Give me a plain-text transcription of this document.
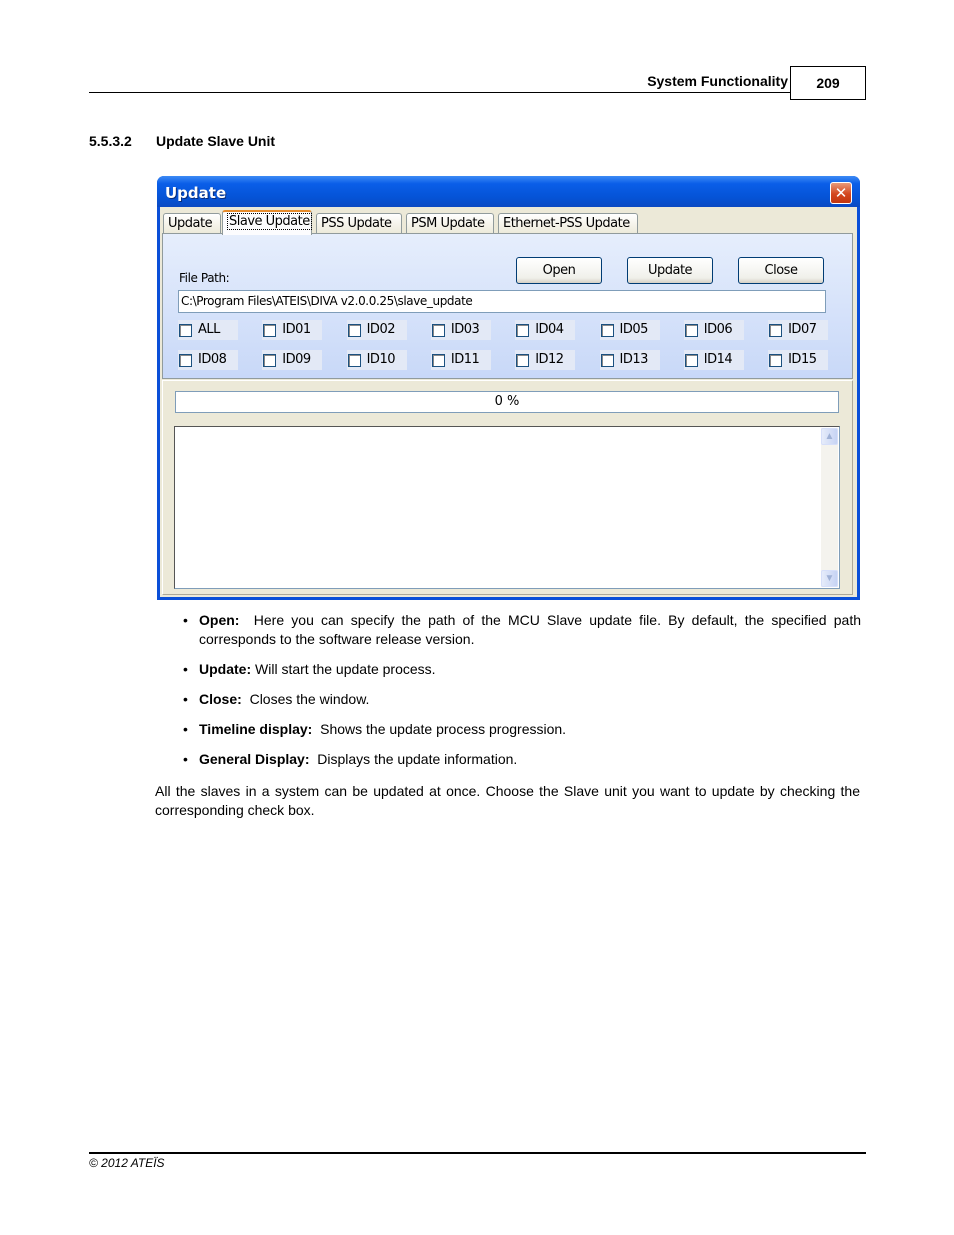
System Functionality	209
5.5.3.2 Update Slave Unit
Update	✕
Update	Slave Update PSS Update	PSM Update	Ethernet-PSS Update
File Path:	Open	Update	Close
C:\Program Files\ATEIS\DIVA v2.0.0.25\slave_update
ALL	ID01	ID02	ID03	ID04	ID05	ID06	ID07
ID08	ID09	ID10	ID11	ID12	ID13	ID14	ID15
0 %
▲
▼
• Open: Here you can specify the path of the MCU Slave update file. By default, the specified path corresponds to the software release version.
• Update: Will start the update process.
• Close: Closes the window.
• Timeline display: Shows the update process progression.
• General Display: Displays the update information.
All the slaves in a system can be updated at once. Choose the Slave unit you want to update by checking the corresponding check box.
© 2012 ATEÏS
